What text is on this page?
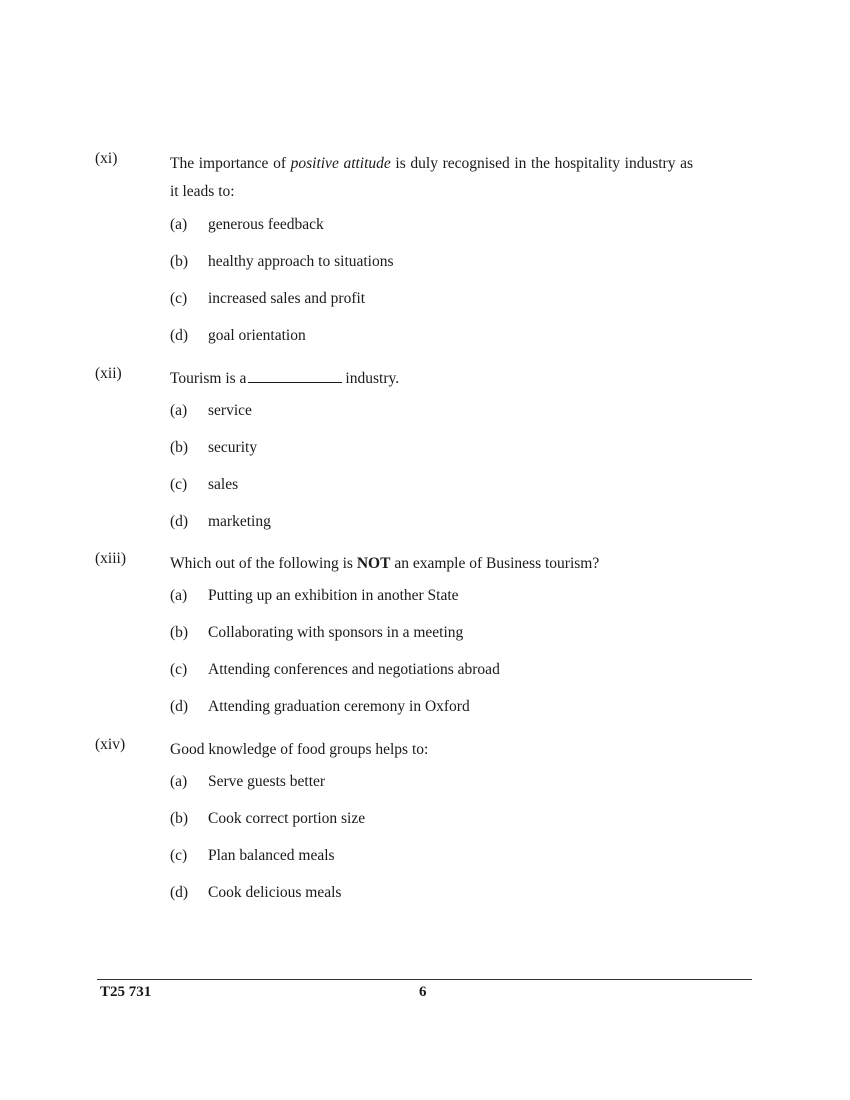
(xi)	The importance of positive attitude is duly recognised in the hospitality industry as it leads to:
(a) generous feedback
(b) healthy approach to situations
(c) increased sales and profit
(d) goal orientation
(xii)	Tourism is a	industry.
(a) service
(b) security
(c) sales
(d) marketing
(xiii)	Which out of the following is NOT an example of Business tourism?
(a) Putting up an exhibition in another State
(b) Collaborating with sponsors in a meeting
(c) Attending conferences and negotiations abroad
(d) Attending graduation ceremony in Oxford
(xiv)	Good knowledge of food groups helps to:
(a) Serve guests better
(b) Cook correct portion size
(c) Plan balanced meals
(d) Cook delicious meals
T25 731	6
